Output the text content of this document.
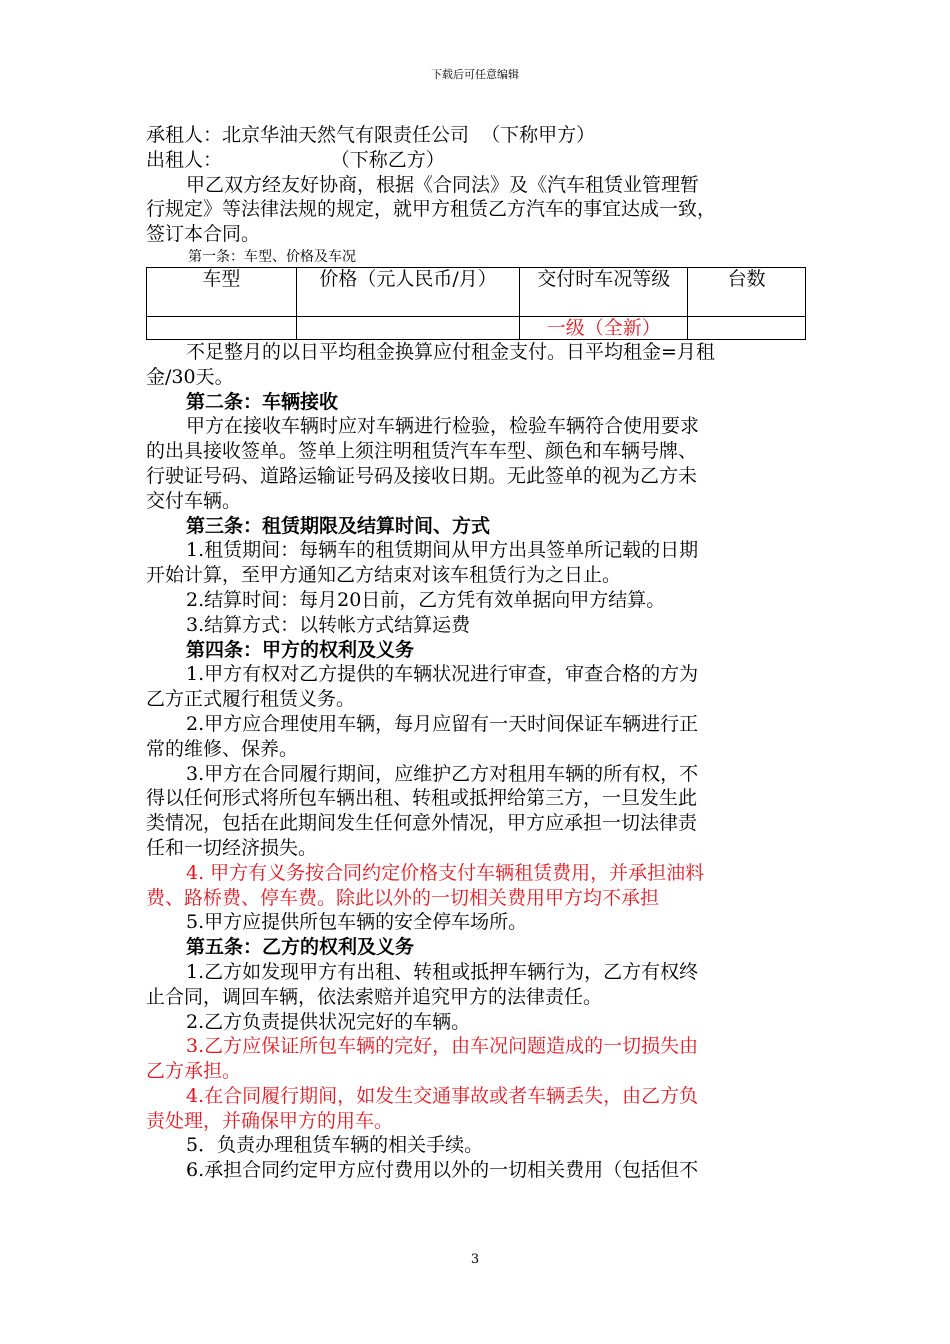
下载后可任意编辑
承租人：北京华油天然气有限责任公司  （下称甲方）
出租人：                  （下称乙方）
甲乙双方经友好协商，根据《合同法》及《汽车租赁业管理暂
行规定》等法律法规的规定，就甲方租赁乙方汽车的事宜达成一致，
签订本合同。
第一条：车型、价格及车况
车型	价格（元人民币/月）	交付时车况等级	台数
		一级（全新）	
不足整月的以日平均租金换算应付租金支付。日平均租金=月租
金/30天。
第二条：车辆接收
甲方在接收车辆时应对车辆进行检验，检验车辆符合使用要求
的出具接收签单。签单上须注明租赁汽车车型、颜色和车辆号牌、
行驶证号码、道路运输证号码及接收日期。无此签单的视为乙方未
交付车辆。
第三条：租赁期限及结算时间、方式
1.租赁期间：每辆车的租赁期间从甲方出具签单所记载的日期
开始计算，至甲方通知乙方结束对该车租赁行为之日止。
2.结算时间：每月20日前，乙方凭有效单据向甲方结算。
3.结算方式：以转帐方式结算运费
第四条：甲方的权利及义务
1.甲方有权对乙方提供的车辆状况进行审查，审查合格的方为
乙方正式履行租赁义务。
2.甲方应合理使用车辆，每月应留有一天时间保证车辆进行正
常的维修、保养。
3.甲方在合同履行期间，应维护乙方对租用车辆的所有权，不
得以任何形式将所包车辆出租、转租或抵押给第三方，一旦发生此
类情况，包括在此期间发生任何意外情况，甲方应承担一切法律责
任和一切经济损失。
4. 甲方有义务按合同约定价格支付车辆租赁费用，并承担油料
费、路桥费、停车费。除此以外的一切相关费用甲方均不承担
5.甲方应提供所包车辆的安全停车场所。
第五条：乙方的权利及义务
1.乙方如发现甲方有出租、转租或抵押车辆行为，乙方有权终
止合同，调回车辆，依法索赔并追究甲方的法律责任。
2.乙方负责提供状况完好的车辆。
3.乙方应保证所包车辆的完好，由车况问题造成的一切损失由
乙方承担。
4.在合同履行期间，如发生交通事故或者车辆丢失，由乙方负
责处理，并确保甲方的用车。
5．负责办理租赁车辆的相关手续。
6.承担合同约定甲方应付费用以外的一切相关费用（包括但不
3
